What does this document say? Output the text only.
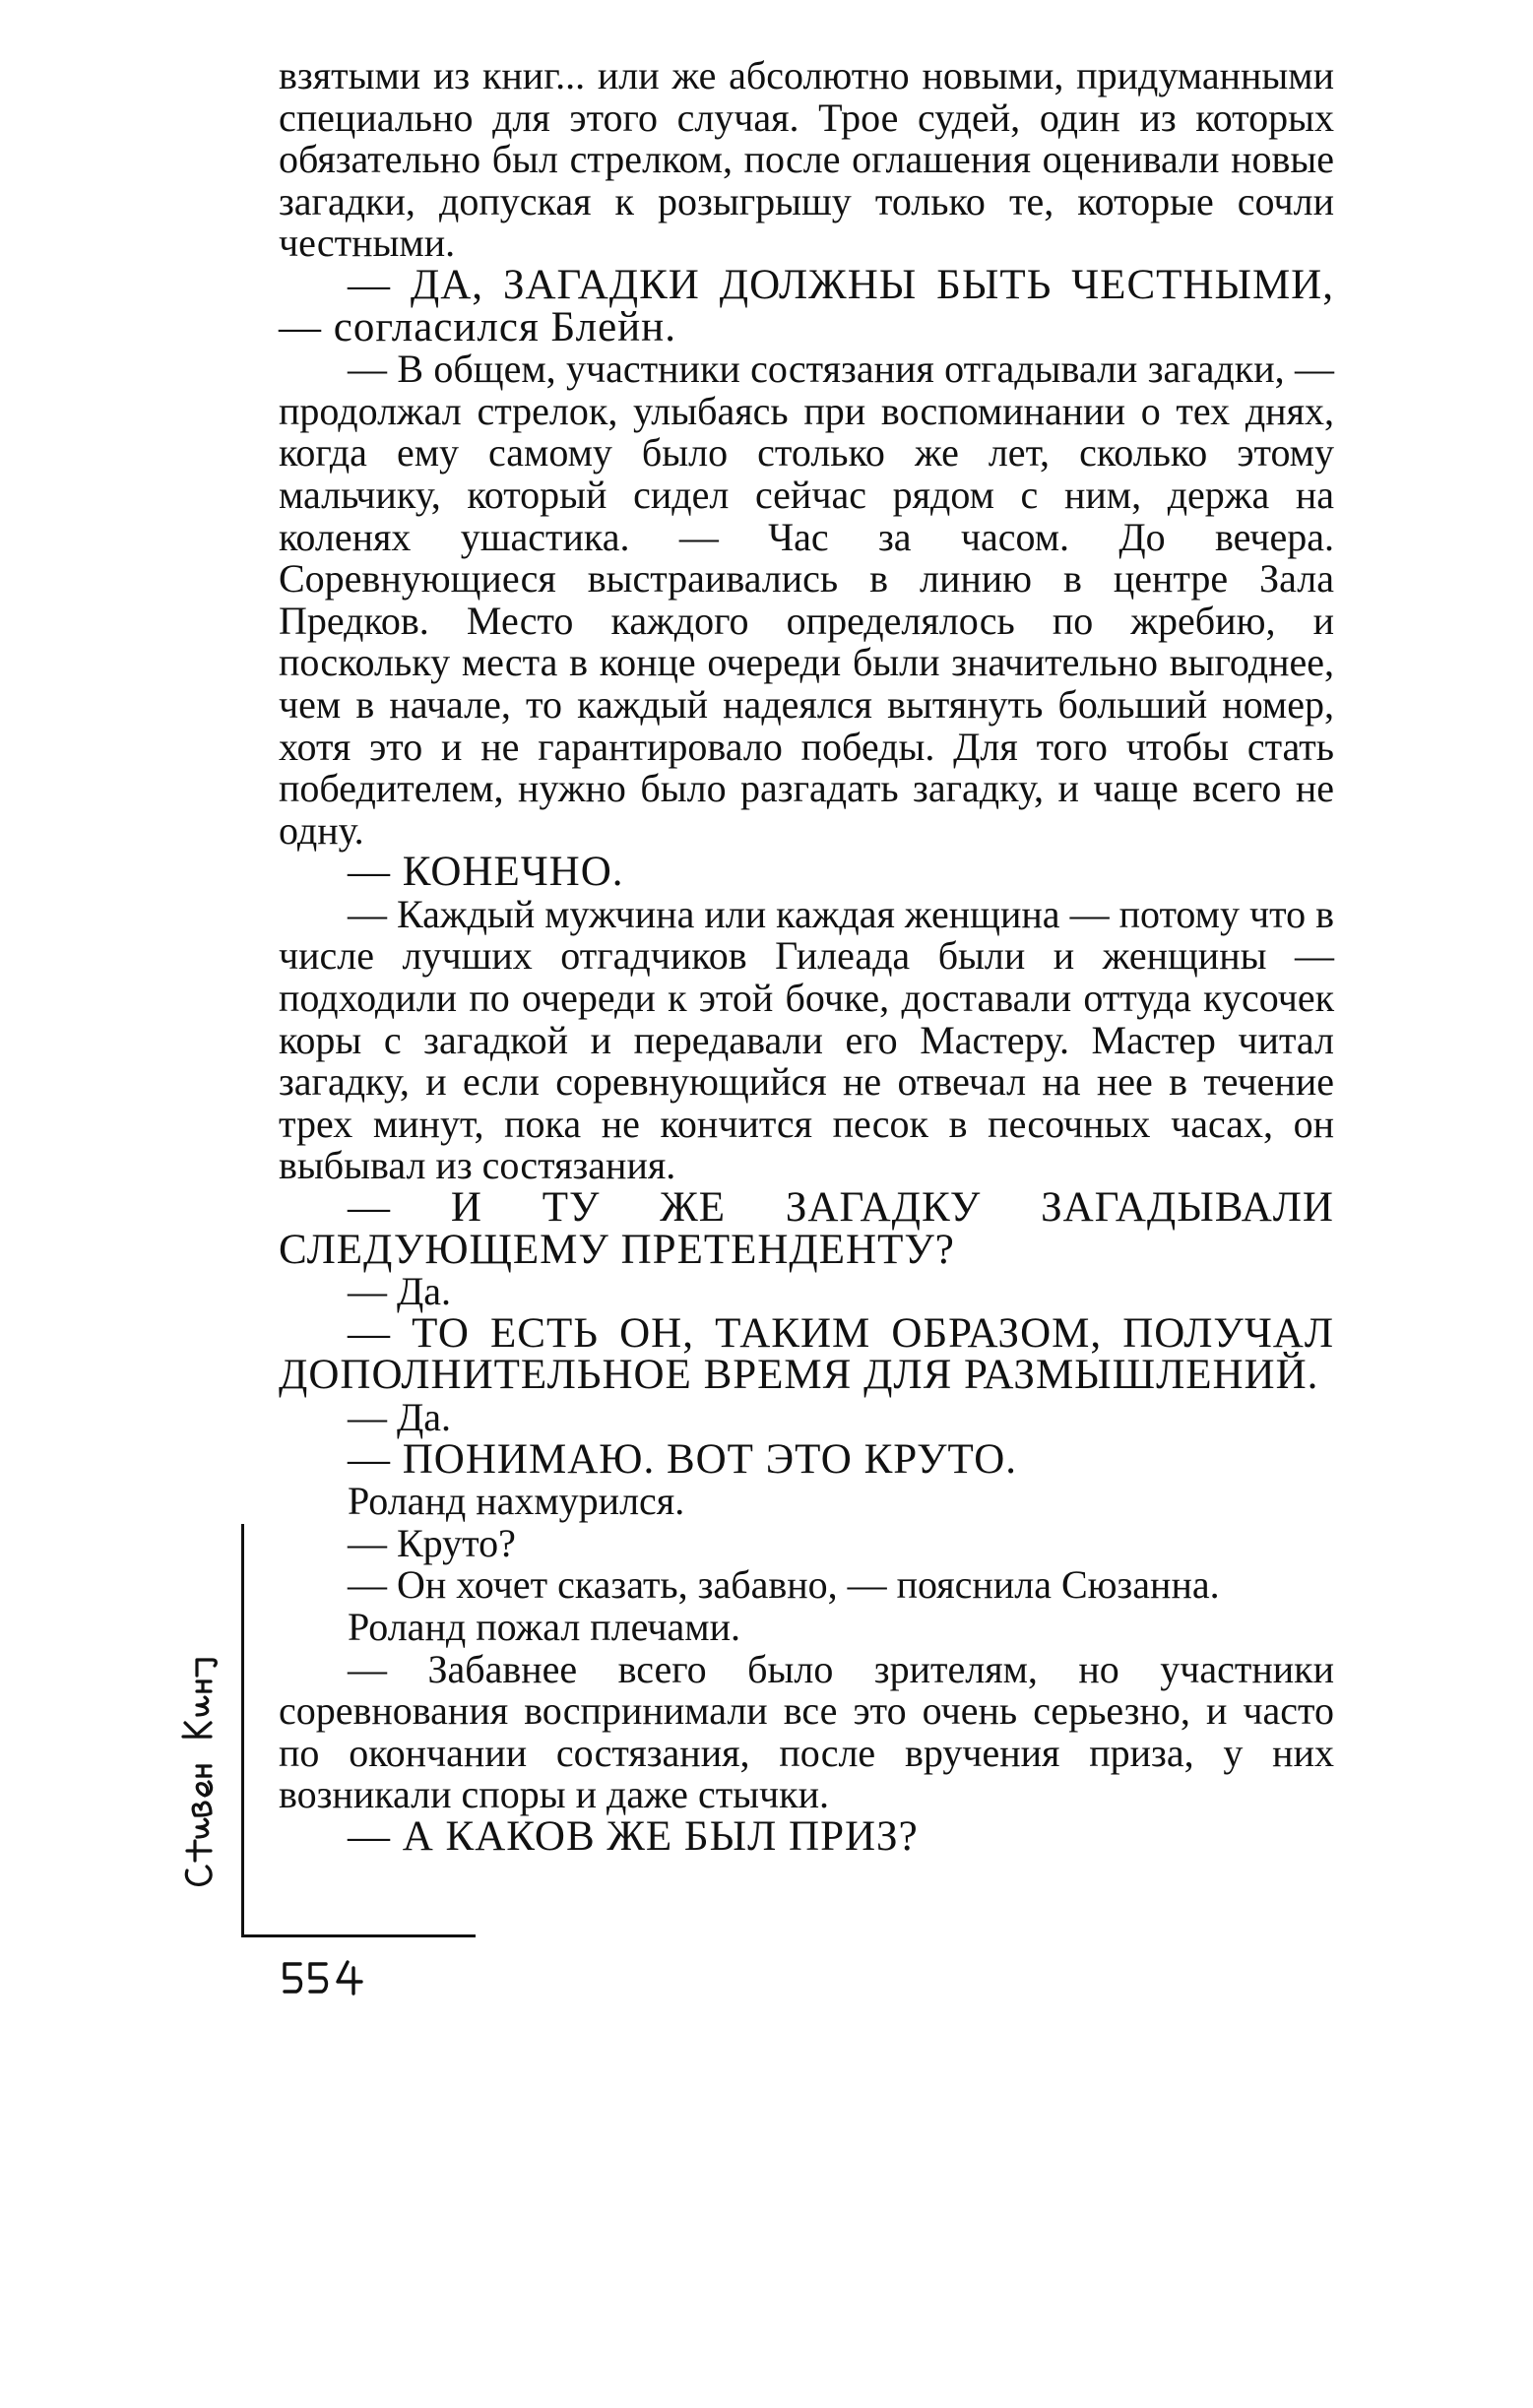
взятыми из книг... или же абсолютно новыми, придуманными специально для этого случая. Трое судей, один из которых обязательно был стрелком, после оглашения оценивали новые загадки, допуская к розыгрышу только те, которые сочли честными.

— ДА, ЗАГАДКИ ДОЛЖНЫ БЫТЬ ЧЕСТНЫМИ, — согласился Блейн.

— В общем, участники состязания отгадывали загадки, — продолжал стрелок, улыбаясь при воспоминании о тех днях, когда ему самому было столько же лет, сколько этому мальчику, который сидел сейчас рядом с ним, держа на коленях ушастика. — Час за часом. До вечера. Соревнующиеся выстраивались в линию в центре Зала Предков. Место каждого определялось по жребию, и поскольку места в конце очереди были значительно выгоднее, чем в начале, то каждый надеялся вытянуть больший номер, хотя это и не гарантировало победы. Для того чтобы стать победителем, нужно было разгадать загадку, и чаще всего не одну.

— КОНЕЧНО.

— Каждый мужчина или каждая женщина — потому что в числе лучших отгадчиков Гилеада были и женщины — подходили по очереди к этой бочке, доставали оттуда кусочек коры с загадкой и передавали его Мастеру. Мастер читал загадку, и если соревнующийся не отвечал на нее в течение трех минут, пока не кончится песок в песочных часах, он выбывал из состязания.

— И ТУ ЖЕ ЗАГАДКУ ЗАГАДЫВАЛИ СЛЕДУЮЩЕМУ ПРЕТЕНДЕНТУ?

— Да.

— ТО ЕСТЬ ОН, ТАКИМ ОБРАЗОМ, ПОЛУЧАЛ ДОПОЛНИТЕЛЬНОЕ ВРЕМЯ ДЛЯ РАЗМЫШЛЕНИЙ.

— Да.

— ПОНИМАЮ. ВОТ ЭТО КРУТО.

Роланд нахмурился.

— Круто?

— Он хочет сказать, забавно, — пояснила Сюзанна.

Роланд пожал плечами.

— Забавнее всего было зрителям, но участники соревнования воспринимали все это очень серьезно, и часто по окончании состязания, после вручения приза, у них возникали споры и даже стычки.

— А КАКОВ ЖЕ БЫЛ ПРИЗ?
